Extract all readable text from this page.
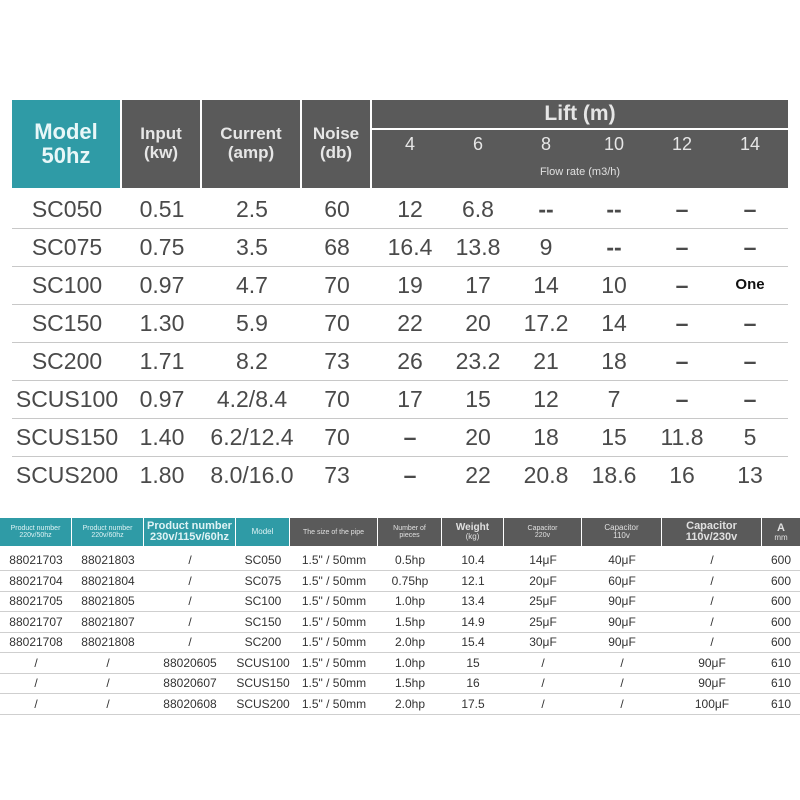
Model
50hz
Input
(kw)
Current
(amp)
Noise
(db)
Lift (m)
4	6	8	10	12	14
Flow rate (m3/h)
SC050	0.51	2.5	60	12	6.8	--	--	–	–
SC075	0.75	3.5	68	16.4	13.8	9	--	–	–
SC100	0.97	4.7	70	19	17	14	10	–	One
SC150	1.30	5.9	70	22	20	17.2	14	–	–
SC200	1.71	8.2	73	26	23.2	21	18	–	–
SCUS100 0.97	4.2/8.4	70	17	15	12	7	–	–
SCUS150 1.40	6.2/12.4	70	–	20	18	15	11.8	5
SCUS200 1.80	8.0/16.0	73	–	22	20.8	18.6	16	13
Product number
220v/50hz
Product number
220v/60hz
Product number
230v/115v/60hz	Model	The size of the pipe	Number of
pieces
Weight
(kg)
Capacitor
220v
Capacitor
110v
Capacitor
110v/230v
A
mm
88021703	88021803	/	SC050	1.5" / 50mm	0.5hp	10.4	14μF	40μF	/	600
88021704	88021804	/	SC075	1.5" / 50mm	0.75hp	12.1	20μF	60μF	/	600
88021705	88021805	/	SC100	1.5" / 50mm	1.0hp	13.4	25μF	90μF	/	600
88021707	88021807	/	SC150	1.5" / 50mm	1.5hp	14.9	25μF	90μF	/	600
88021708	88021808	/	SC200	1.5" / 50mm	2.0hp	15.4	30μF	90μF	/	600
/	/	88020605	SCUS100	1.5" / 50mm	1.0hp	15	/	/	90μF	610
/	/	88020607	SCUS150	1.5" / 50mm	1.5hp	16	/	/	90μF	610
/	/	88020608	SCUS200	1.5" / 50mm	2.0hp	17.5	/	/	100μF	610
